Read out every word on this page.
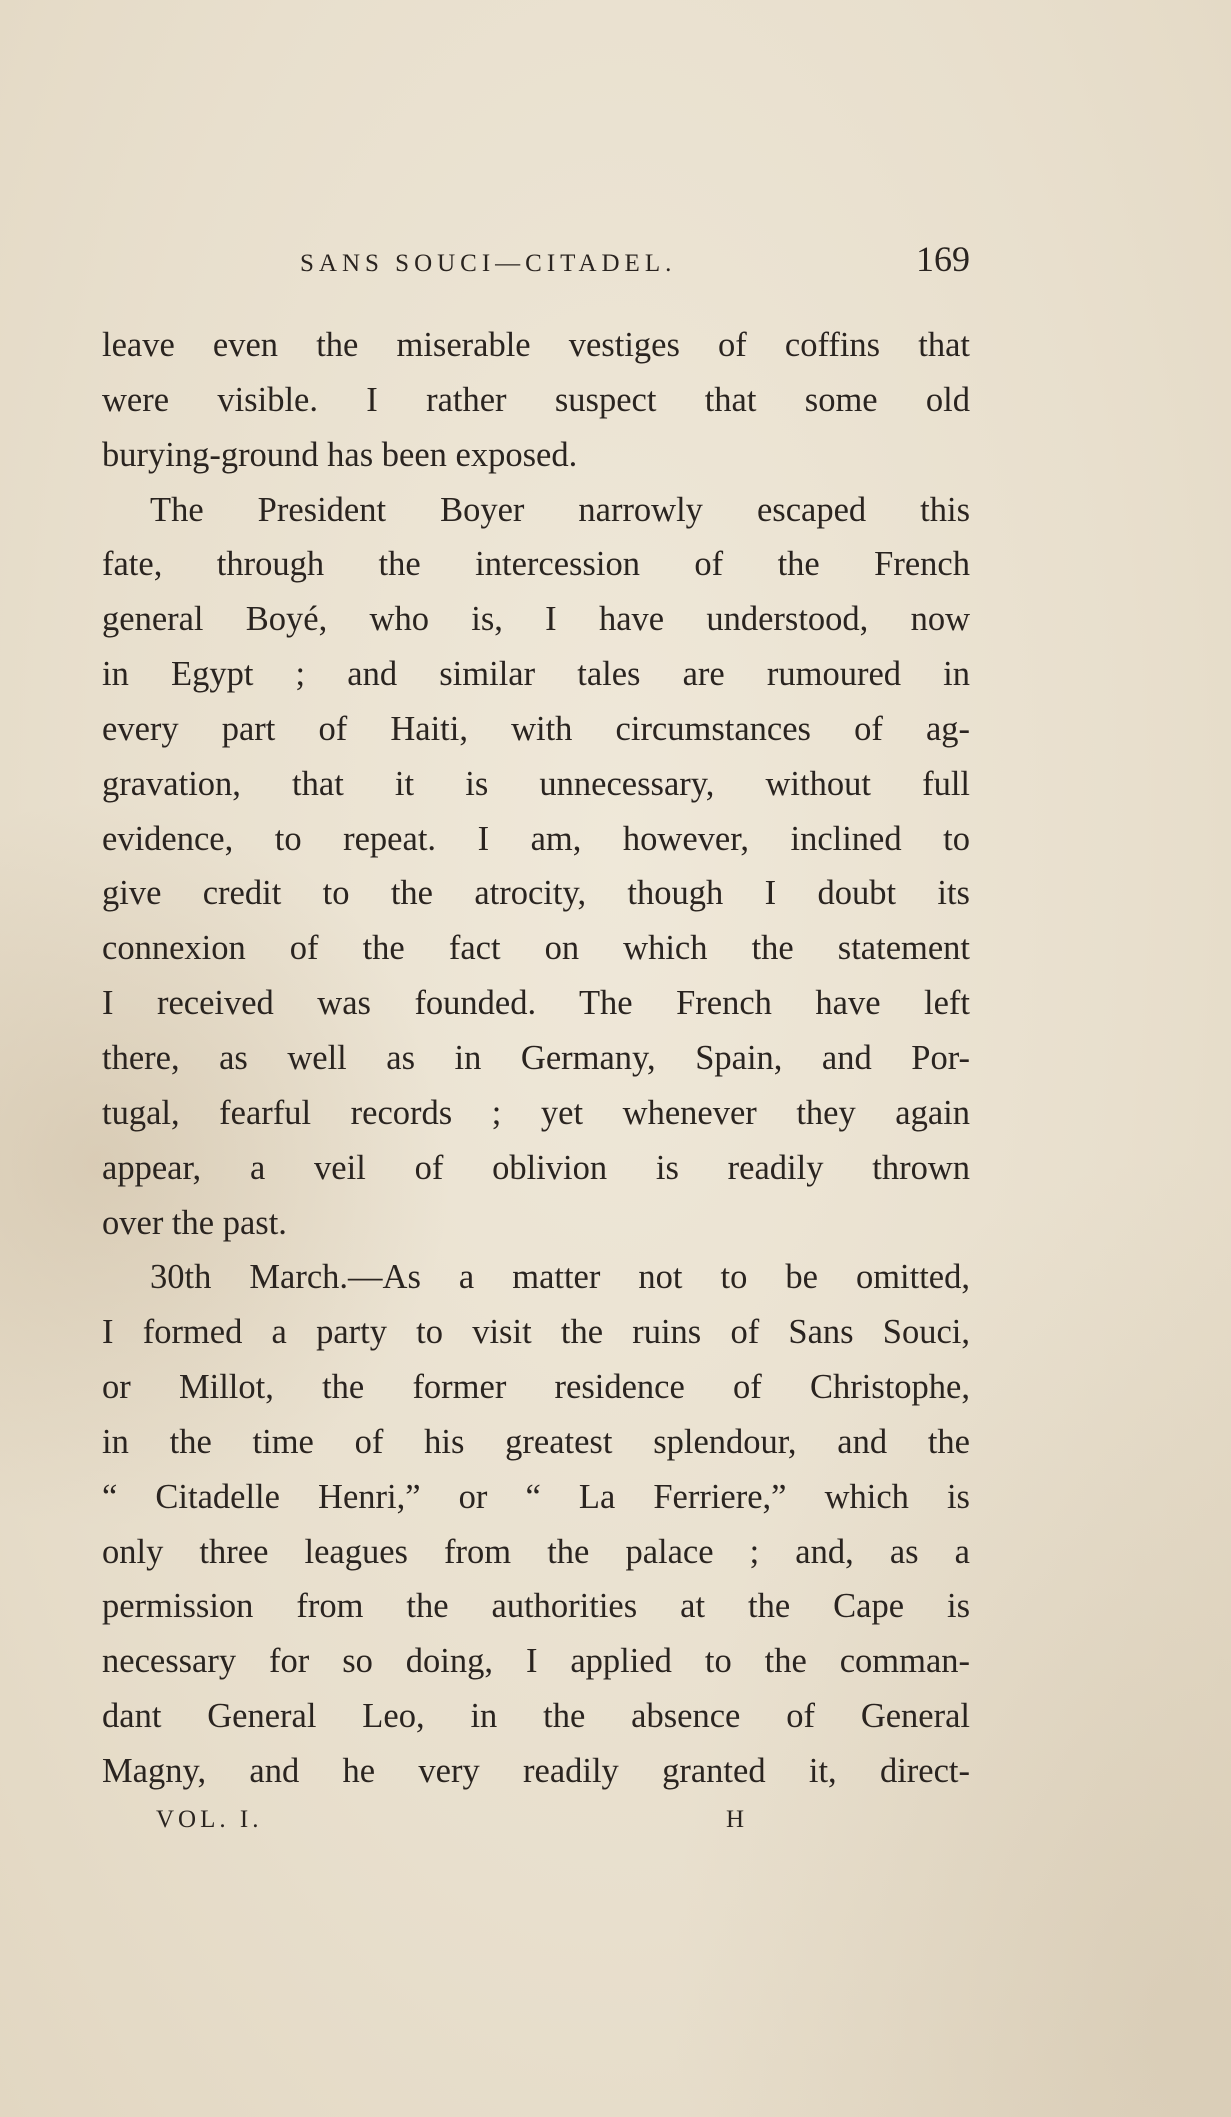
SANS SOUCI—CITADEL.	169
leave even the miserable vestiges of coffins that
were visible. I rather suspect that some old
burying-ground has been exposed.
The President Boyer narrowly escaped this
fate, through the intercession of the French
general Boyé, who is, I have understood, now
in Egypt ; and similar tales are rumoured in
every part of Haiti, with circumstances of ag-
gravation, that it is unnecessary, without full
evidence, to repeat. I am, however, inclined to
give credit to the atrocity, though I doubt its
connexion of the fact on which the statement
I received was founded. The French have left
there, as well as in Germany, Spain, and Por-
tugal, fearful records ; yet whenever they again
appear, a veil of oblivion is readily thrown
over the past.
30th March.—As a matter not to be omitted,
I formed a party to visit the ruins of Sans Souci,
or Millot, the former residence of Christophe,
in the time of his greatest splendour, and the
“ Citadelle Henri,” or “ La Ferriere,” which is
only three leagues from the palace ; and, as a
permission from the authorities at the Cape is
necessary for so doing, I applied to the comman-
dant General Leo, in the absence of General
Magny, and he very readily granted it, direct-
VOL. I.	H
